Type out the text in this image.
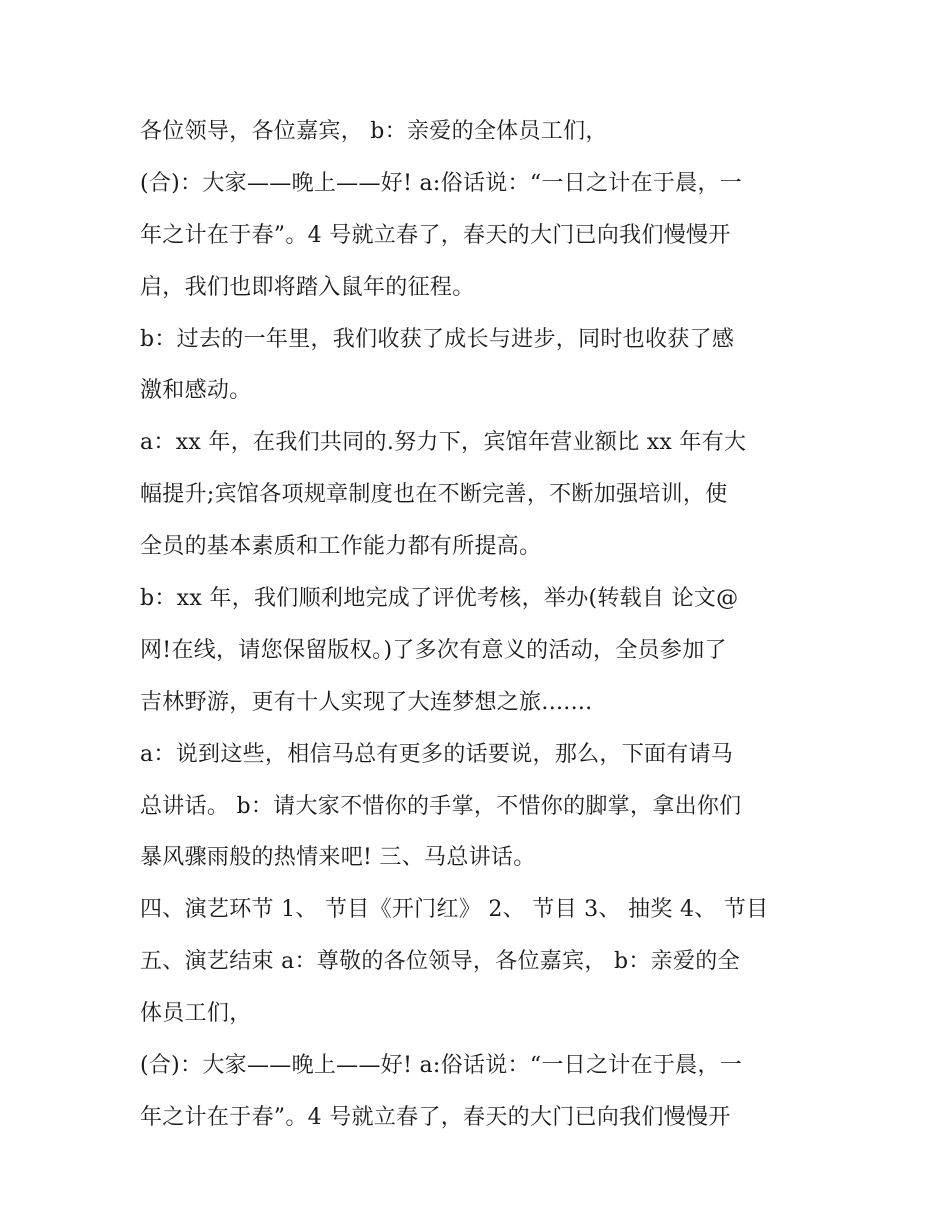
各位领导，各位嘉宾， b：亲爱的全体员工们，
(合)：大家——晚上——好! a:俗话说：“一日之计在于晨，一
年之计在于春”。4 号就立春了，春天的大门已向我们慢慢开
启，我们也即将踏入鼠年的征程。
b：过去的一年里，我们收获了成长与进步，同时也收获了感
激和感动。
a：xx 年，在我们共同的.努力下，宾馆年营业额比 xx 年有大
幅提升;宾馆各项规章制度也在不断完善，不断加强培训，使
全员的基本素质和工作能力都有所提高。
b：xx 年，我们顺利地完成了评优考核，举办(转载自 论文@
网!在线，请您保留版权。)了多次有意义的活动，全员参加了
吉林野游，更有十人实现了大连梦想之旅.......
a：说到这些，相信马总有更多的话要说，那么，下面有请马
总讲话。 b：请大家不惜你的手掌，不惜你的脚掌，拿出你们
暴风骤雨般的热情来吧! 三、马总讲话。
四、演艺环节 1、 节目《开门红》 2、 节目 3、 抽奖 4、 节目
五、演艺结束 a：尊敬的各位领导，各位嘉宾， b：亲爱的全
体员工们，
(合)：大家——晚上——好! a:俗话说：“一日之计在于晨，一
年之计在于春”。4 号就立春了，春天的大门已向我们慢慢开
